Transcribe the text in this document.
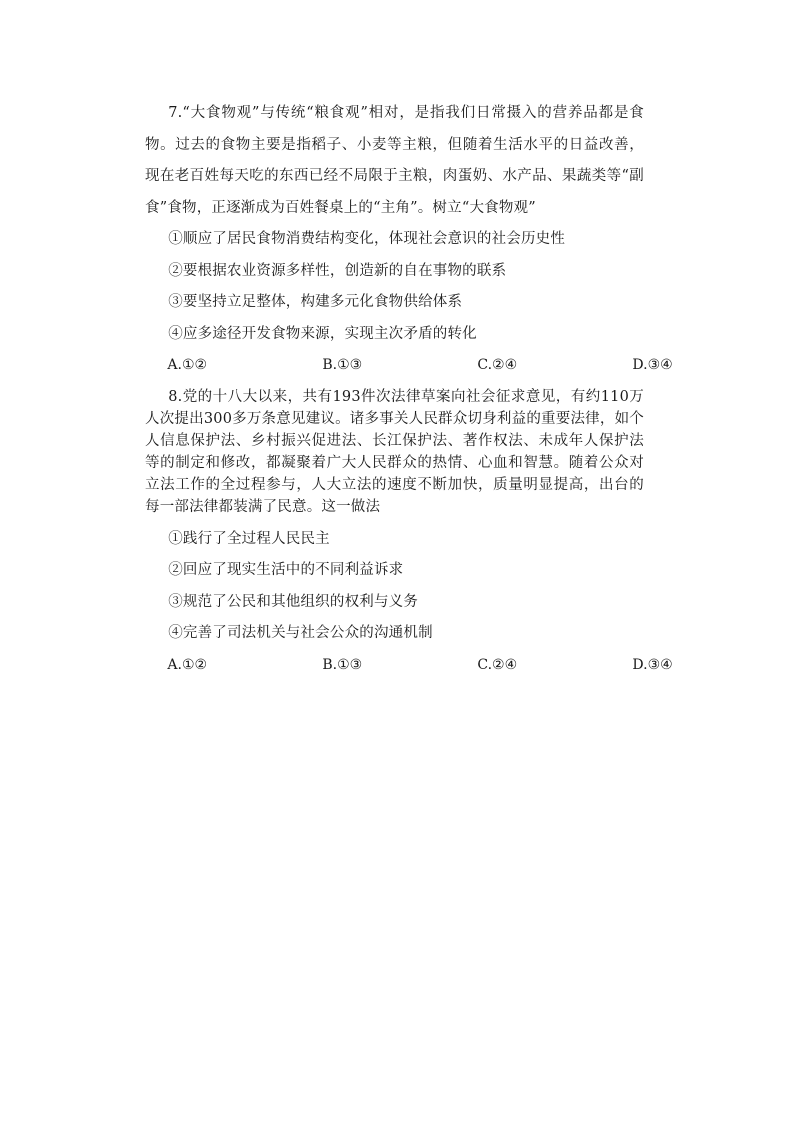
7.“大食物观”与传统“粮食观”相对，是指我们日常摄入的营养品都是食物。过去的食物主要是指稻子、小麦等主粮，但随着生活水平的日益改善，现在老百姓每天吃的东西已经不局限于主粮，肉蛋奶、水产品、果蔬类等“副食”食物，正逐渐成为百姓餐桌上的“主角”。树立“大食物观”

①顺应了居民食物消费结构变化，体现社会意识的社会历史性

②要根据农业资源多样性，创造新的自在事物的联系

③要坚持立足整体，构建多元化食物供给体系

④应多途径开发食物来源，实现主次矛盾的转化

A.①②	B.①③	C.②④	D.③④

8.党的十八大以来，共有193件次法律草案向社会征求意见，有约110万人次提出300多万条意见建议。诸多事关人民群众切身利益的重要法律，如个人信息保护法、乡村振兴促进法、长江保护法、著作权法、未成年人保护法等的制定和修改，都凝聚着广大人民群众的热情、心血和智慧。随着公众对立法工作的全过程参与，人大立法的速度不断加快，质量明显提高，出台的每一部法律都装满了民意。这一做法

①践行了全过程人民民主

②回应了现实生活中的不同利益诉求

③规范了公民和其他组织的权利与义务

④完善了司法机关与社会公众的沟通机制

A.①②	B.①③	C.②④	D.③④
